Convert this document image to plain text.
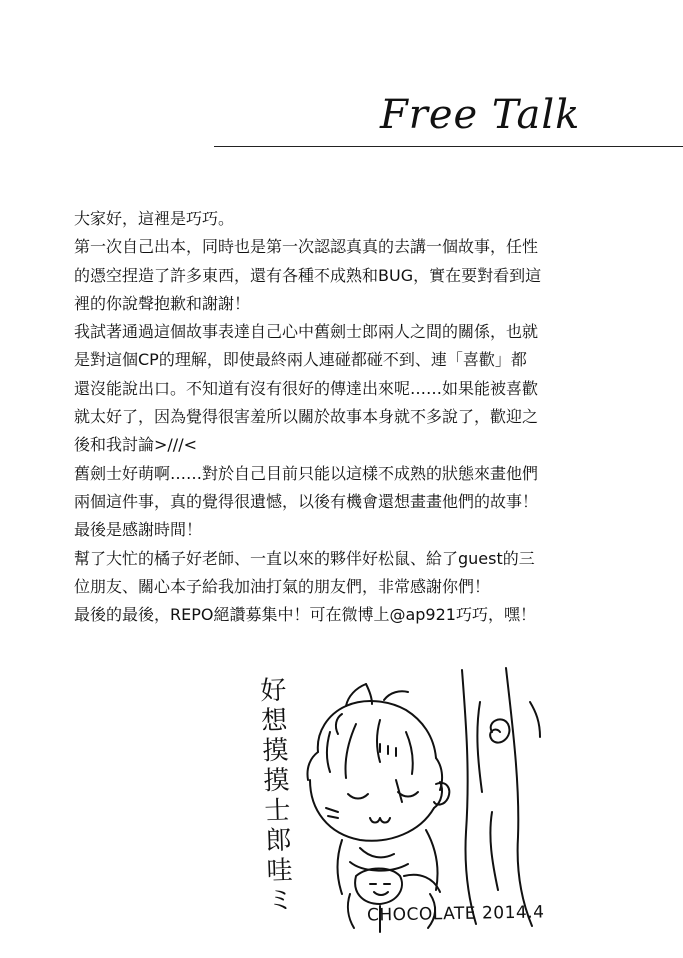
Free Talk
大家好，這裡是巧巧。
第一次自己出本，同時也是第一次認認真真的去講一個故事，任性
的憑空捏造了許多東西，還有各種不成熟和BUG，實在要對看到這
裡的你說聲抱歉和謝謝！
我試著通過這個故事表達自己心中舊劍士郎兩人之間的關係，也就
是對這個CP的理解，即使最終兩人連碰都碰不到、連「喜歡」都
還沒能說出口。不知道有沒有很好的傳達出來呢……如果能被喜歡
就太好了，因為覺得很害羞所以關於故事本身就不多說了，歡迎之
後和我討論>///<
舊劍士好萌啊……對於自己目前只能以這樣不成熟的狀態來畫他們
兩個這件事，真的覺得很遺憾，以後有機會還想畫畫他們的故事！
最後是感謝時間！
幫了大忙的橘子好老師、一直以來的夥伴好松鼠、給了guest的三
位朋友、關心本子給我加油打氣的朋友們，非常感謝你們！
最後的最後，REPO絕讚募集中！可在微博上@ap921巧巧，嘿！
好
想
摸
摸
士
郎
哇
ミ	CHOCOLATE 2014.4
